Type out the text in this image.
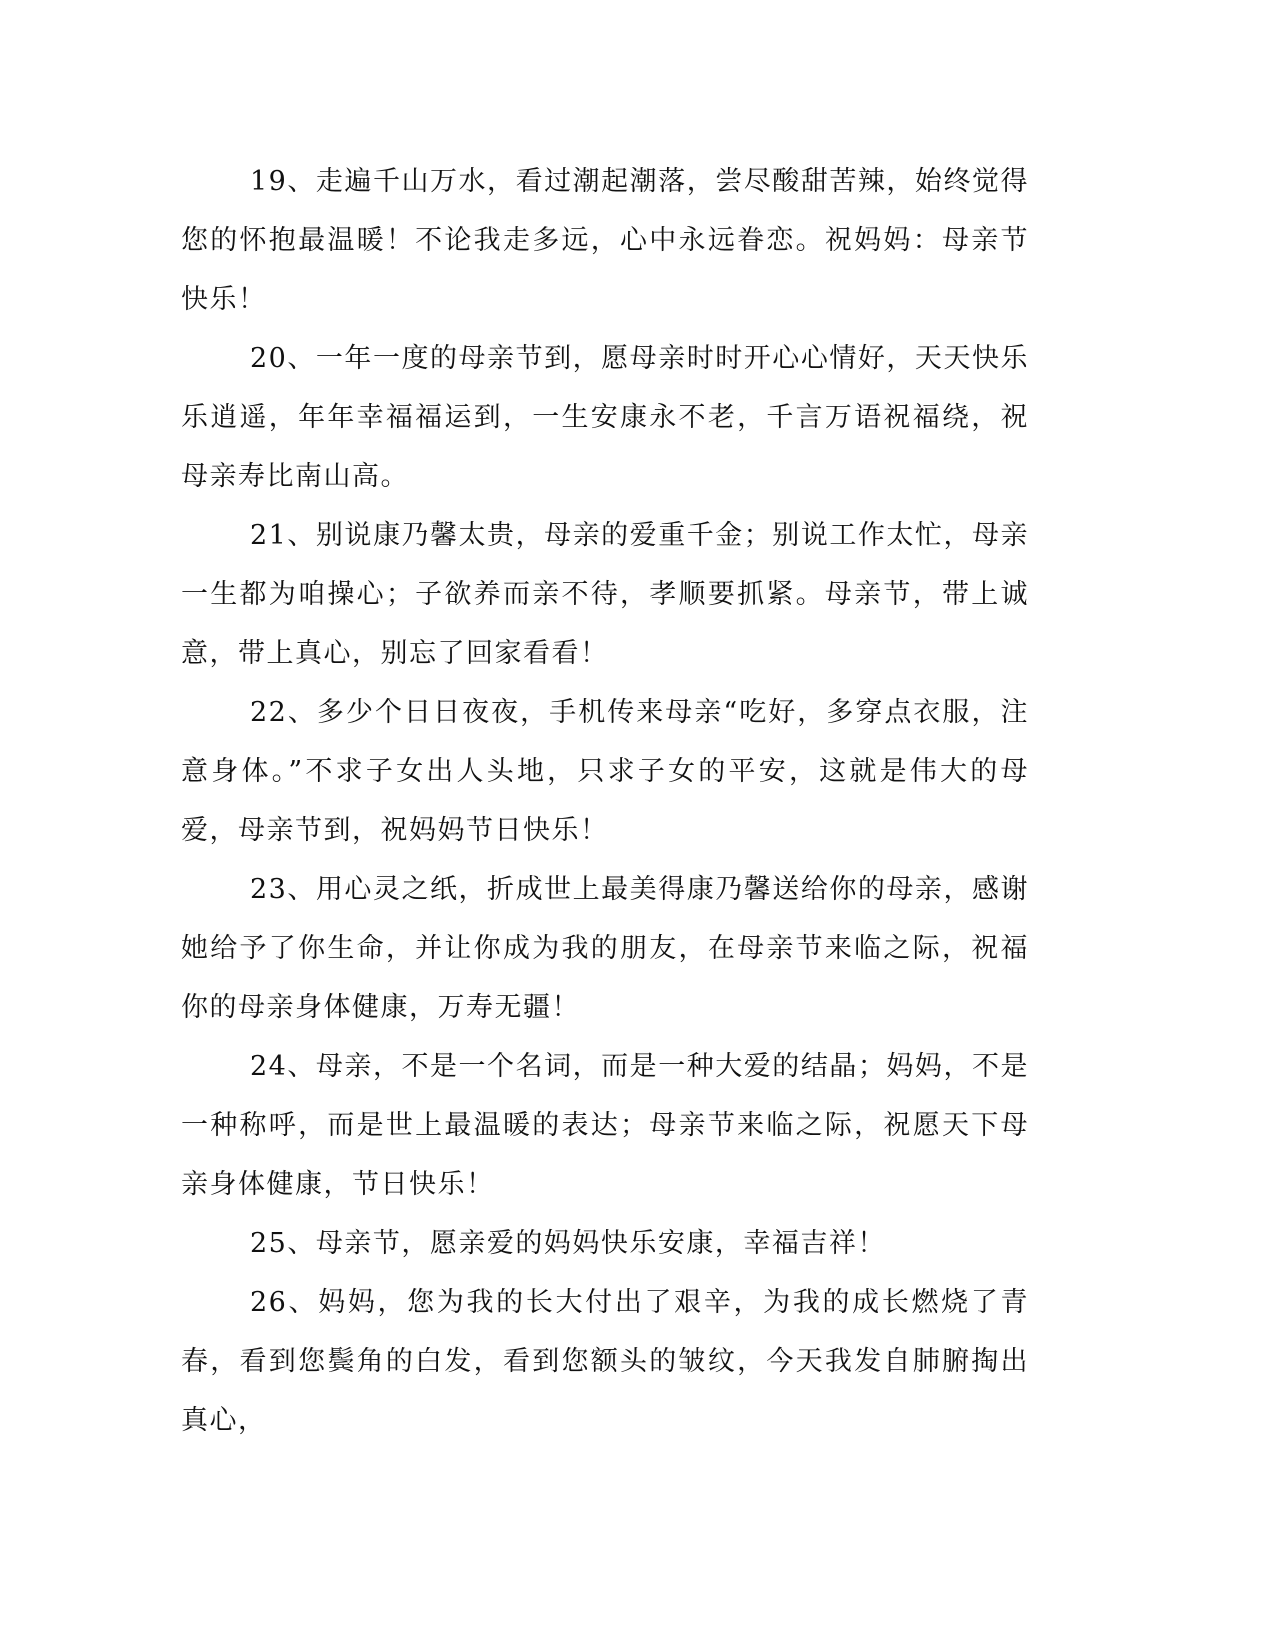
19、走遍千山万水，看过潮起潮落，尝尽酸甜苦辣，始终觉得您的怀抱最温暖！不论我走多远，心中永远眷恋。祝妈妈：母亲节快乐！

20、一年一度的母亲节到，愿母亲时时开心心情好，天天快乐乐逍遥，年年幸福福运到，一生安康永不老，千言万语祝福绕，祝母亲寿比南山高。

21、别说康乃馨太贵，母亲的爱重千金；别说工作太忙，母亲一生都为咱操心；子欲养而亲不待，孝顺要抓紧。母亲节，带上诚意，带上真心，别忘了回家看看！

22、多少个日日夜夜，手机传来母亲“吃好，多穿点衣服，注意身体。”不求子女出人头地，只求子女的平安，这就是伟大的母爱，母亲节到，祝妈妈节日快乐！

23、用心灵之纸，折成世上最美得康乃馨送给你的母亲，感谢她给予了你生命，并让你成为我的朋友，在母亲节来临之际，祝福你的母亲身体健康，万寿无疆！

24、母亲，不是一个名词，而是一种大爱的结晶；妈妈，不是一种称呼，而是世上最温暖的表达；母亲节来临之际，祝愿天下母亲身体健康，节日快乐！

25、母亲节，愿亲爱的妈妈快乐安康，幸福吉祥！

26、妈妈，您为我的长大付出了艰辛，为我的成长燃烧了青春，看到您鬓角的白发，看到您额头的皱纹，今天我发自肺腑掏出真心，
